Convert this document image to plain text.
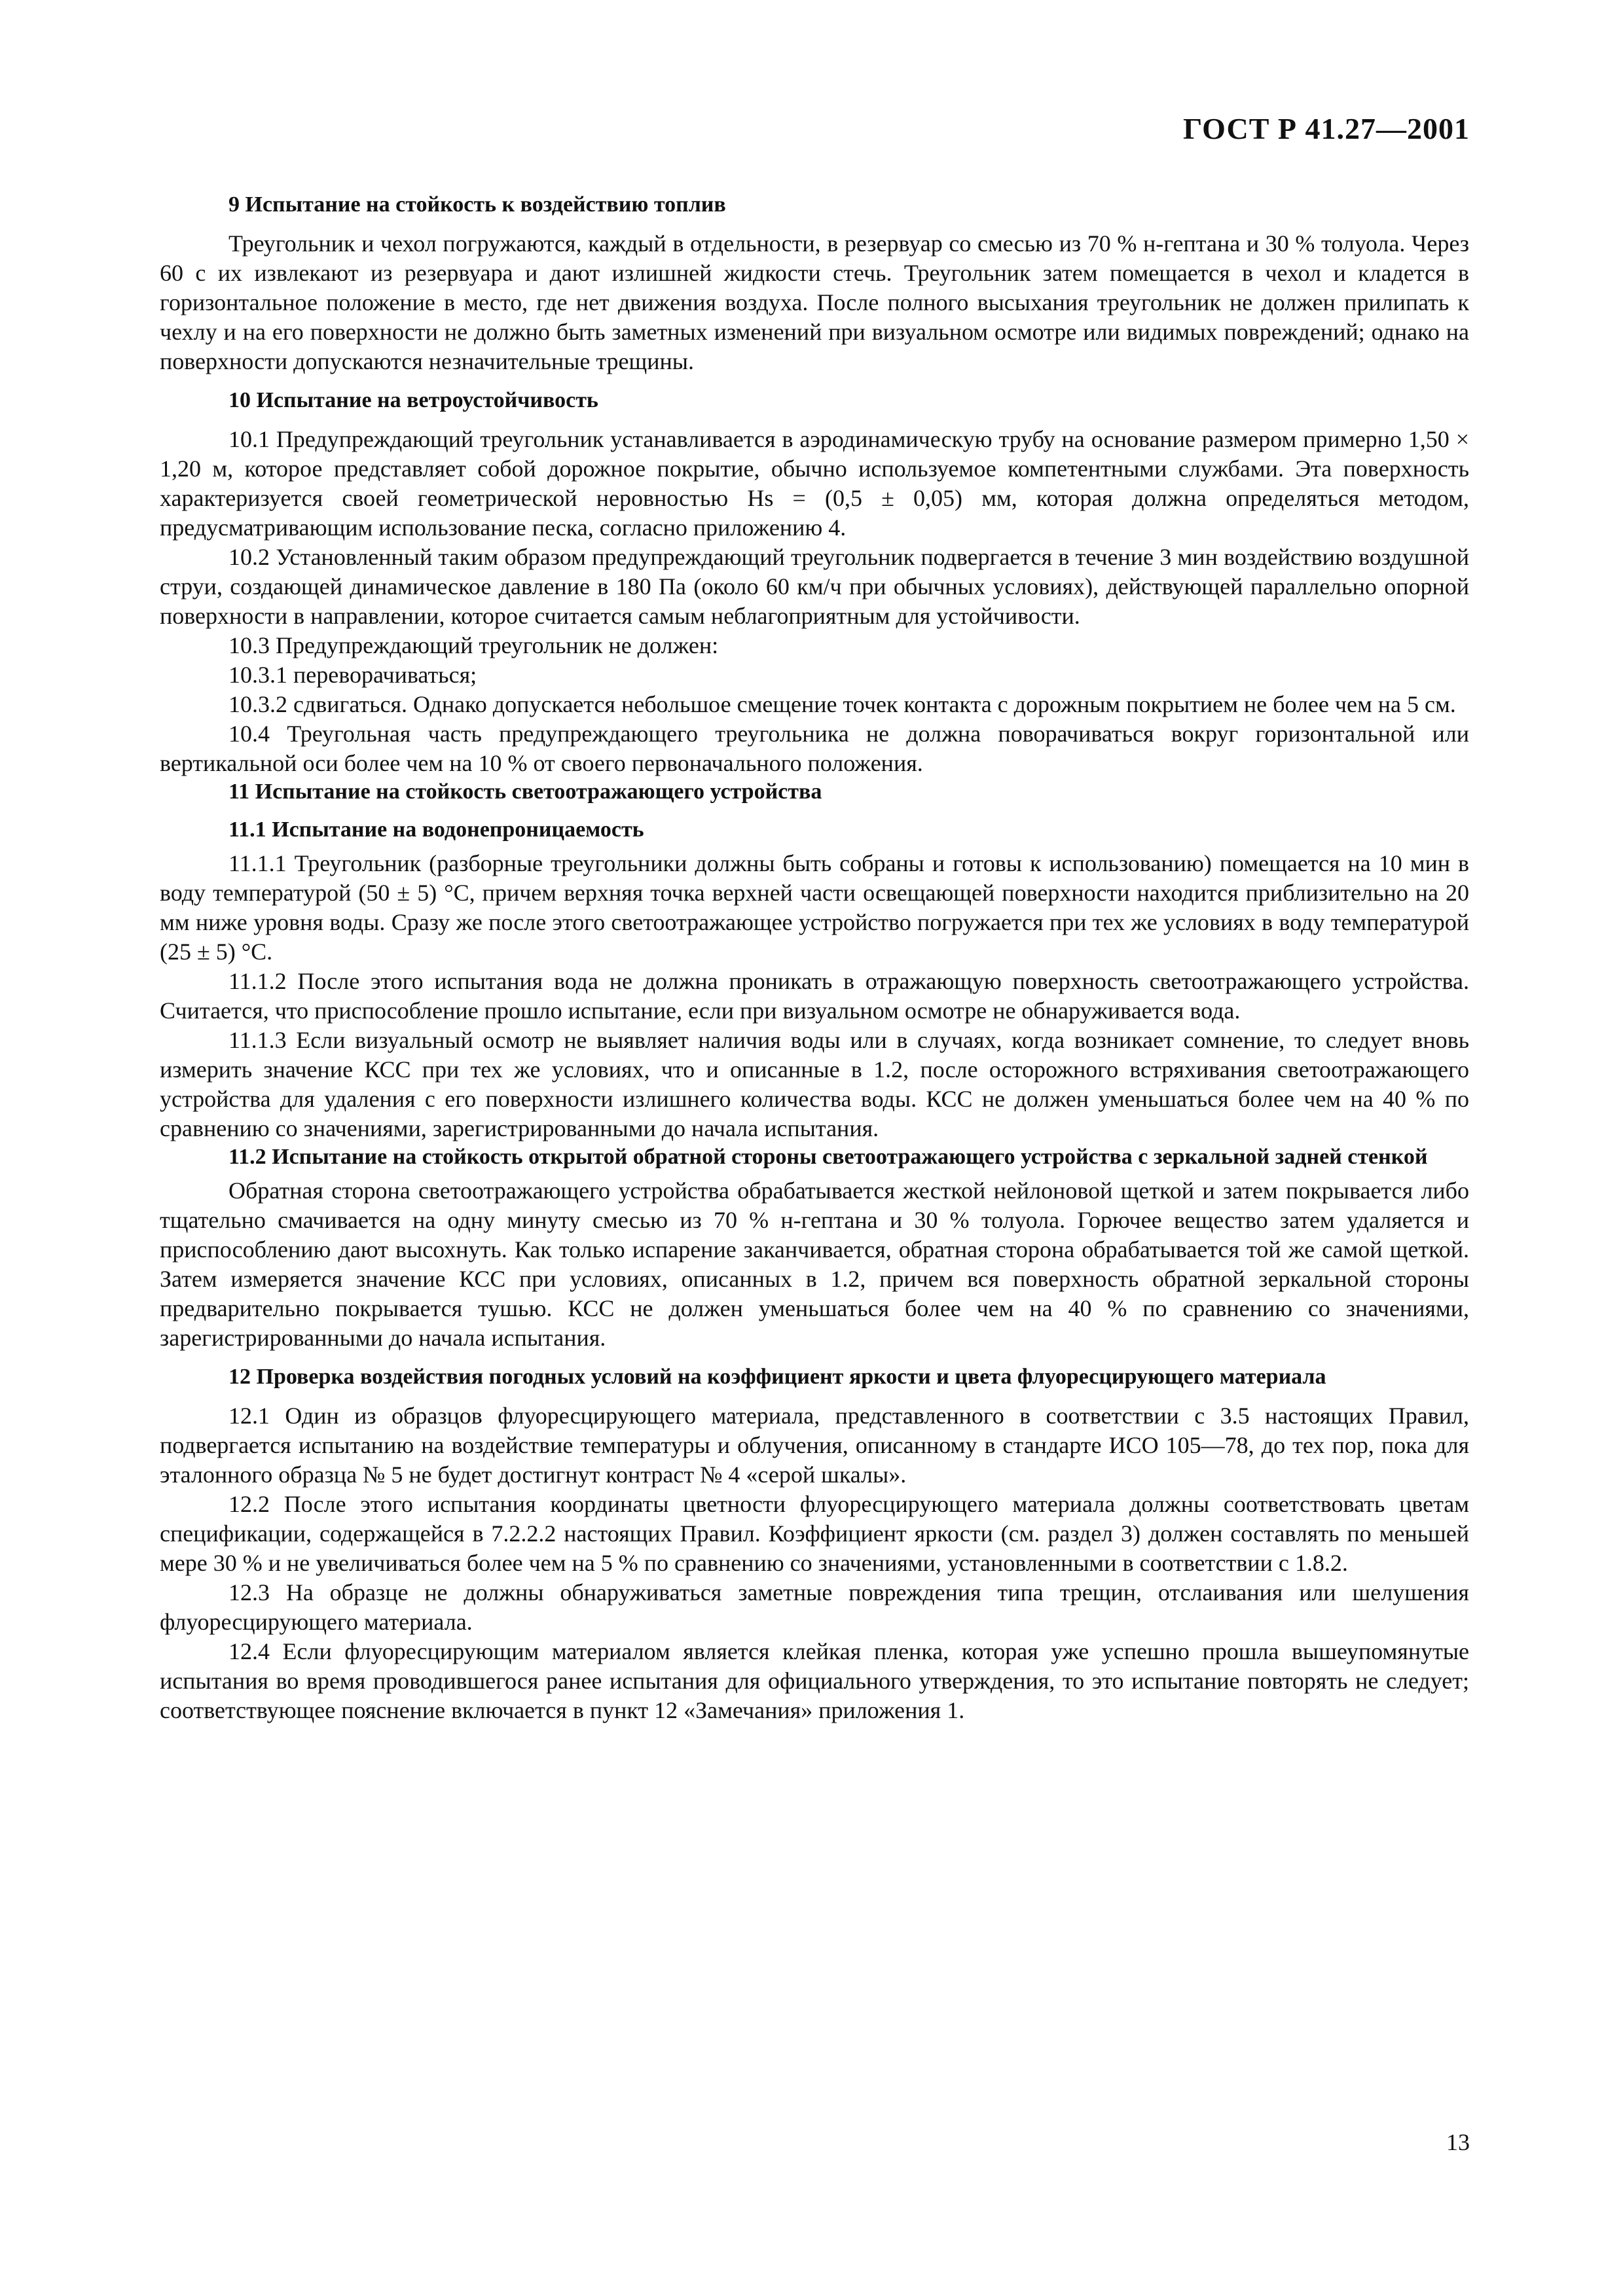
ГОСТ Р 41.27—2001
9 Испытание на стойкость к воздействию топлив

Треугольник и чехол погружаются, каждый в отдельности, в резервуар со смесью из 70 % н-гептана и 30 % толуола. Через 60 с их извлекают из резервуара и дают излишней жидкости стечь. Треугольник затем помещается в чехол и кладется в горизонтальное положение в место, где нет движения воздуха. После полного высыхания треугольник не должен прилипать к чехлу и на его поверхности не должно быть заметных изменений при визуальном осмотре или видимых повреждений; однако на поверхности допускаются незначительные трещины.

10 Испытание на ветроустойчивость

10.1 Предупреждающий треугольник устанавливается в аэродинамическую трубу на основание размером примерно 1,50 × 1,20 м, которое представляет собой дорожное покрытие, обычно используемое компетентными службами. Эта поверхность характеризуется своей геометрической неровностью Hs = (0,5 ± 0,05) мм, которая должна определяться методом, предусматривающим использование песка, согласно приложению 4.

10.2 Установленный таким образом предупреждающий треугольник подвергается в течение 3 мин воздействию воздушной струи, создающей динамическое давление в 180 Па (около 60 км/ч при обычных условиях), действующей параллельно опорной поверхности в направлении, которое считается самым неблагоприятным для устойчивости.

10.3 Предупреждающий треугольник не должен:

10.3.1 переворачиваться;

10.3.2 сдвигаться. Однако допускается небольшое смещение точек контакта с дорожным покрытием не более чем на 5 см.

10.4 Треугольная часть предупреждающего треугольника не должна поворачиваться вокруг горизонтальной или вертикальной оси более чем на 10 % от своего первоначального положения.

11 Испытание на стойкость светоотражающего устройства
11.1 Испытание на водонепроницаемость

11.1.1 Треугольник (разборные треугольники должны быть собраны и готовы к использованию) помещается на 10 мин в воду температурой (50 ± 5) °С, причем верхняя точка верхней части освещающей поверхности находится приблизительно на 20 мм ниже уровня воды. Сразу же после этого светоотражающее устройство погружается при тех же условиях в воду температурой (25 ± 5) °С.

11.1.2 После этого испытания вода не должна проникать в отражающую поверхность светоотражающего устройства. Считается, что приспособление прошло испытание, если при визуальном осмотре не обнаруживается вода.

11.1.3 Если визуальный осмотр не выявляет наличия воды или в случаях, когда возникает сомнение, то следует вновь измерить значение КСС при тех же условиях, что и описанные в 1.2, после осторожного встряхивания светоотражающего устройства для удаления с его поверхности излишнего количества воды. КСС не должен уменьшаться более чем на 40 % по сравнению со значениями, зарегистрированными до начала испытания.

11.2 Испытание на стойкость открытой обратной стороны светоотражающего устройства с зеркальной задней стенкой

Обратная сторона светоотражающего устройства обрабатывается жесткой нейлоновой щеткой и затем покрывается либо тщательно смачивается на одну минуту смесью из 70 % н-гептана и 30 % толуола. Горючее вещество затем удаляется и приспособлению дают высохнуть. Как только испарение заканчивается, обратная сторона обрабатывается той же самой щеткой. Затем измеряется значение КСС при условиях, описанных в 1.2, причем вся поверхность обратной зеркальной стороны предварительно покрывается тушью. КСС не должен уменьшаться более чем на 40 % по сравнению со значениями, зарегистрированными до начала испытания.

12 Проверка воздействия погодных условий на коэффициент яркости и цвета флуоресцирующего материала

12.1 Один из образцов флуоресцирующего материала, представленного в соответствии с 3.5 настоящих Правил, подвергается испытанию на воздействие температуры и облучения, описанному в стандарте ИСО 105—78, до тех пор, пока для эталонного образца № 5 не будет достигнут контраст № 4 «серой шкалы».

12.2 После этого испытания координаты цветности флуоресцирующего материала должны соответствовать цветам спецификации, содержащейся в 7.2.2.2 настоящих Правил. Коэффициент яркости (см. раздел 3) должен составлять по меньшей мере 30 % и не увеличиваться более чем на 5 % по сравнению со значениями, установленными в соответствии с 1.8.2.

12.3 На образце не должны обнаруживаться заметные повреждения типа трещин, отслаивания или шелушения флуоресцирующего материала.

12.4 Если флуоресцирующим материалом является клейкая пленка, которая уже успешно прошла вышеупомянутые испытания во время проводившегося ранее испытания для официального утверждения, то это испытание повторять не следует; соответствующее пояснение включается в пункт 12 «Замечания» приложения 1.

13
